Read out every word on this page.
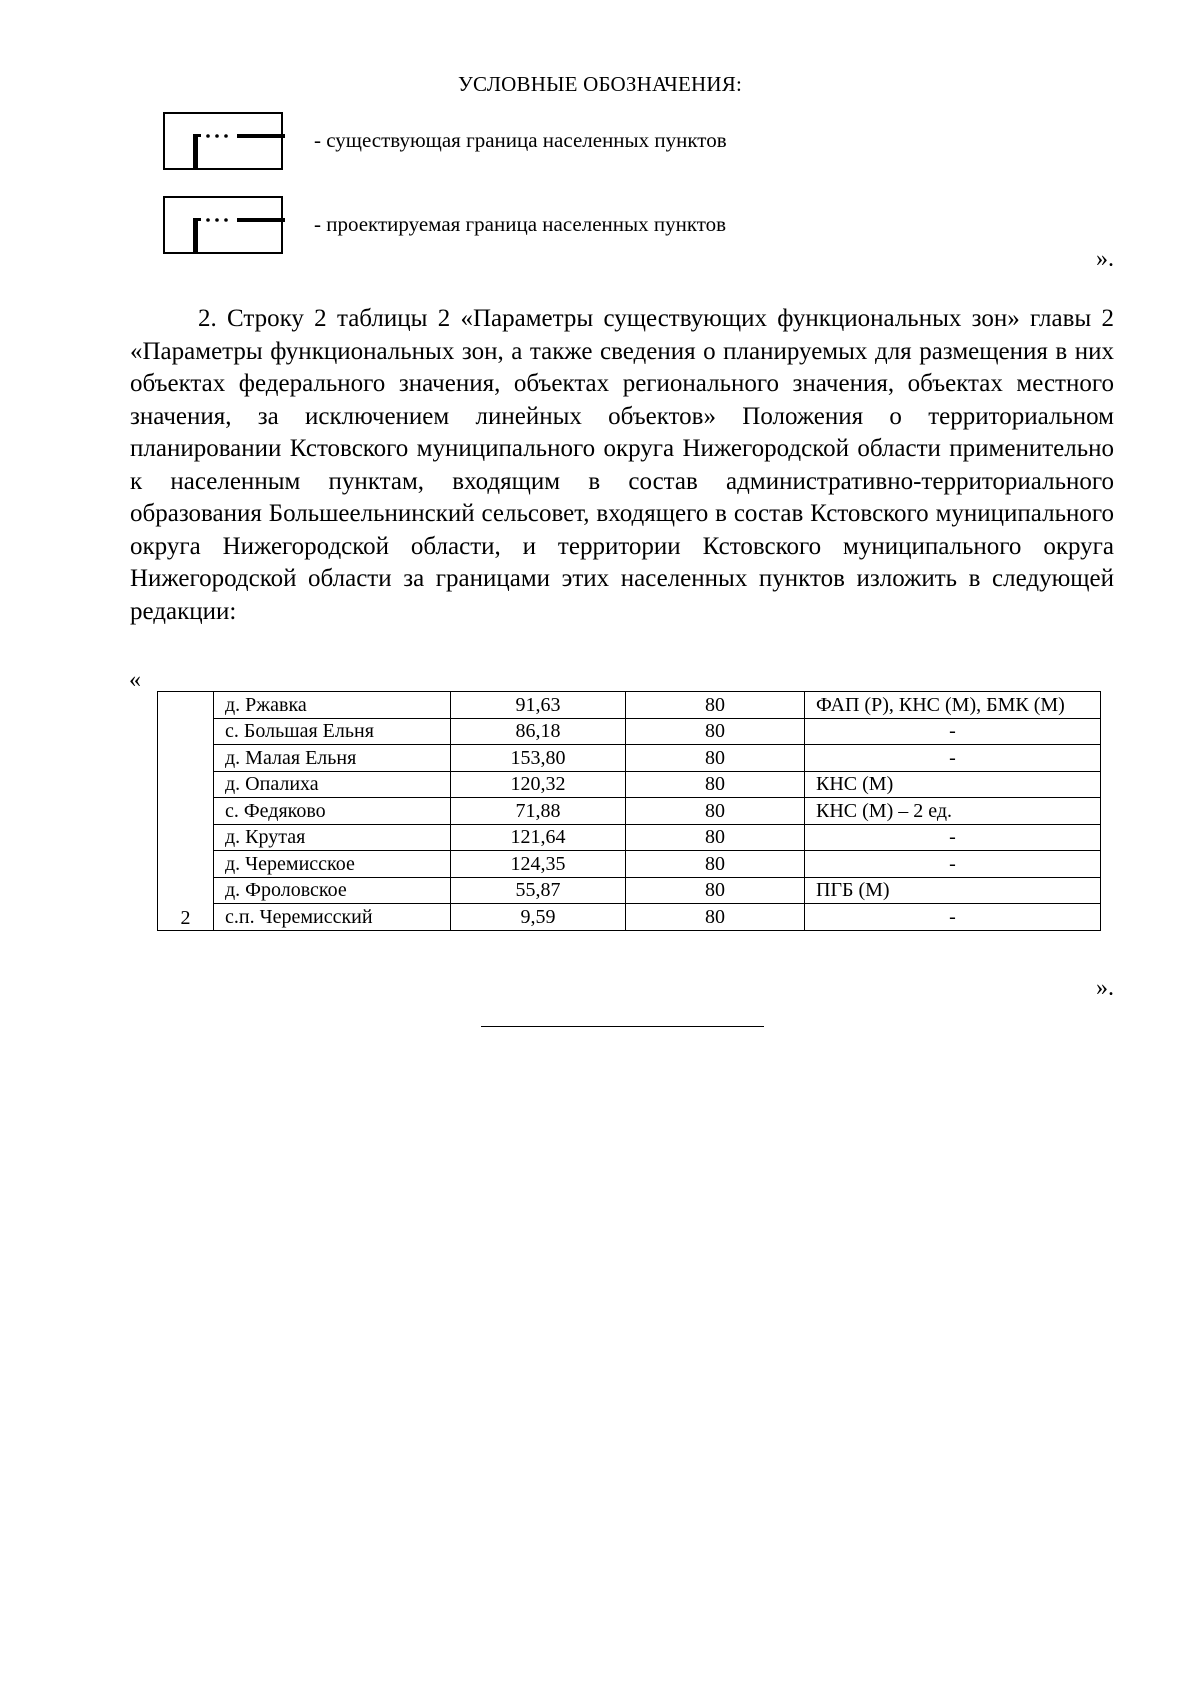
УСЛОВНЫЕ ОБОЗНАЧЕНИЯ:
- существующая граница населенных пунктов
- проектируемая граница населенных пунктов
».

2. Строку 2 таблицы 2 «Параметры существующих функциональных зон» главы 2 «Параметры функциональных зон, а также сведения о планируемых для размещения в них объектах федерального значения, объектах регионального значения, объектах местного значения, за исключением линейных объектов» Положения о территориальном планировании Кстовского муниципального округа Нижегородской области применительно к населенным пунктам, входящим в состав административно-территориального образования Большеельнинский сельсовет, входящего в состав Кстовского муниципального округа Нижегородской области, и территории Кстовского муниципального округа Нижегородской области за границами этих населенных пунктов изложить в следующей редакции:

«
2	д. Ржавка	91,63	80	ФАП (Р), КНС (М), БМК (М)
	с. Большая Ельня	86,18	80	-
	д. Малая Ельня	153,80	80	-
	д. Опалиха	120,32	80	КНС (М)
	с. Федяково	71,88	80	КНС (М) – 2 ед.
	д. Крутая	121,64	80	-
	д. Черемисское	124,35	80	-
	д. Фроловское	55,87	80	ПГБ (М)
	с.п. Черемисский	9,59	80	-
».
